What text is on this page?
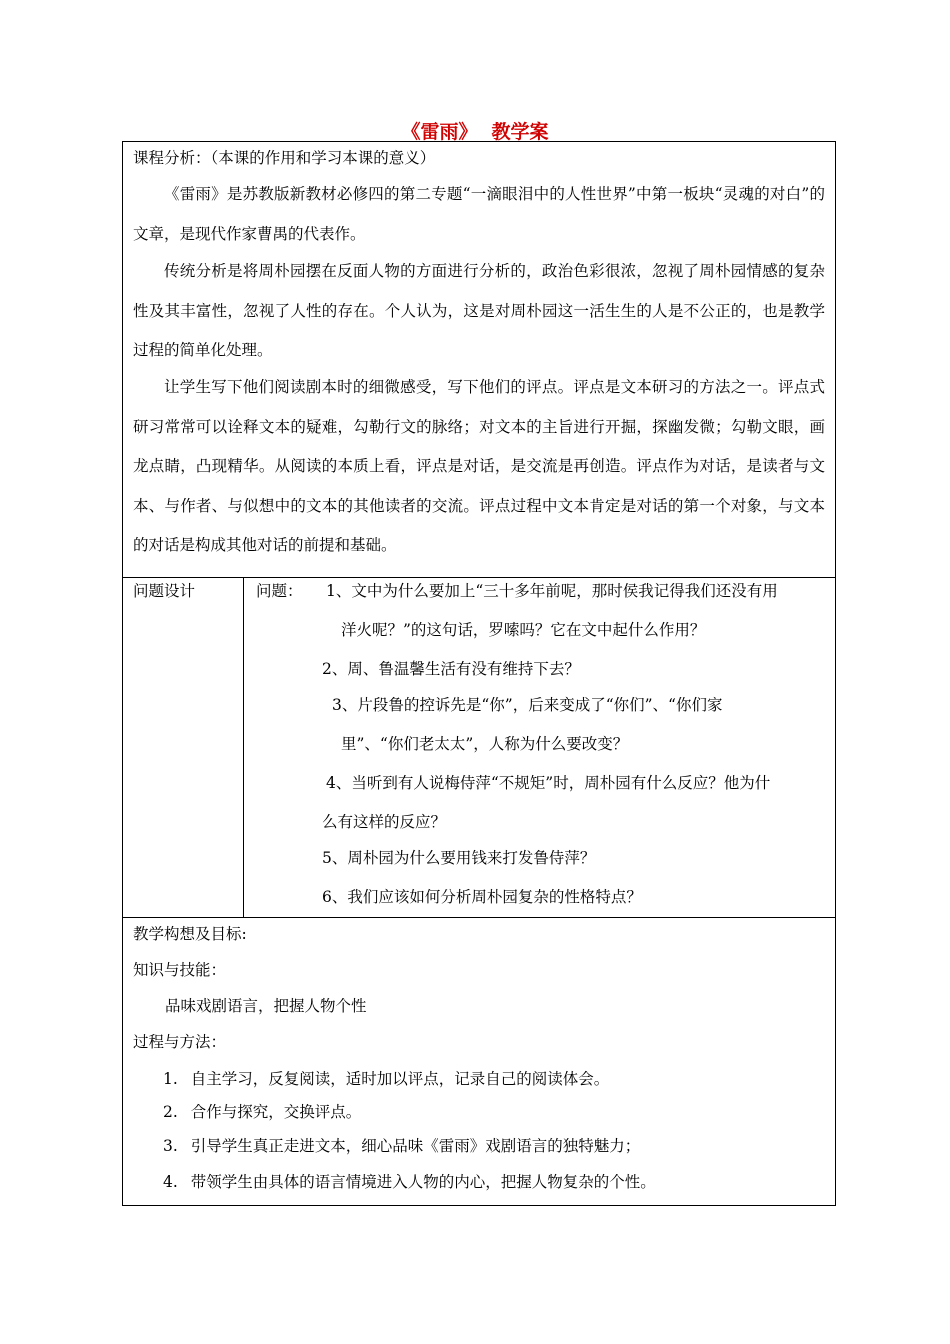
《雷雨》 教学案
课程分析：（本课的作用和学习本课的意义）
《雷雨》是苏教版新教材必修四的第二专题“一滴眼泪中的人性世界”中第一板块“灵魂的对白”的文章，是现代作家曹禺的代表作。
传统分析是将周朴园摆在反面人物的方面进行分析的，政治色彩很浓，忽视了周朴园情感的复杂性及其丰富性，忽视了人性的存在。个人认为，这是对周朴园这一活生生的人是不公正的，也是教学过程的简单化处理。
让学生写下他们阅读剧本时的细微感受，写下他们的评点。评点是文本研习的方法之一。评点式研习常常可以诠释文本的疑难，勾勒行文的脉络；对文本的主旨进行开掘，探幽发微；勾勒文眼，画龙点睛，凸现精华。从阅读的本质上看，评点是对话，是交流是再创造。评点作为对话，是读者与文本、与作者、与似想中的文本的其他读者的交流。评点过程中文本肯定是对话的第一个对象，与文本的对话是构成其他对话的前提和基础。
问题设计	问题： 1、文中为什么要加上“三十多年前呢，那时侯我记得我们还没有用
洋火呢？”的这句话，罗嗦吗？它在文中起什么作用？
2、周、鲁温馨生活有没有维持下去？
3、片段鲁的控诉先是“你”，后来变成了“你们”、“你们家
里”、“你们老太太”，人称为什么要改变？
4、当听到有人说梅侍萍“不规矩”时，周朴园有什么反应？他为什
么有这样的反应？
5、周朴园为什么要用钱来打发鲁侍萍？
6、我们应该如何分析周朴园复杂的性格特点？
教学构想及目标:
知识与技能：
品味戏剧语言，把握人物个性
过程与方法：
1. 自主学习，反复阅读，适时加以评点，记录自己的阅读体会。
2. 合作与探究，交换评点。
3. 引导学生真正走进文本，细心品味《雷雨》戏剧语言的独特魅力；
4. 带领学生由具体的语言情境进入人物的内心，把握人物复杂的个性。
